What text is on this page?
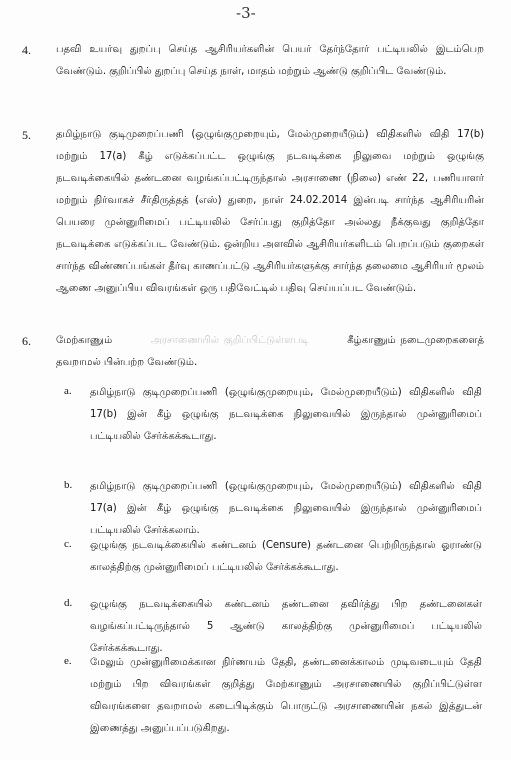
-3-
4. பதவி உயர்வு துறப்பு செய்த ஆசிரியர்களின் பெயர் தேர்ந்தோர் பட்டியலில் இடம்பெற வேண்டும். குறிப்பில் துறப்பு செய்த நாள், மாதம் மற்றும் ஆண்டு குறிப்பிட வேண்டும்.
5. தமிழ்நாடு குடிமுறைப்பணி (ஒழுங்குமுறையும், மேல்முறையீடும்) விதிகளில் விதி 17(b) மற்றும் 17(a) கீழ் எடுக்கப்பட்ட ஒழுங்கு நடவடிக்கை நிலுவை மற்றும் ஒழுங்கு நடவடிக்கையில் தண்டனை வழங்கப்பட்டிருந்தால் அரசாணை (நிலை) எண் 22, பணியாளர் மற்றும் நிர்வாகச் சீர்திருத்தத் (எஸ்) துறை, நாள் 24.02.2014 இன்படி சார்ந்த ஆசிரியரின் பெயரை முன்னுரிமைப் பட்டியலில் சேர்ப்பது குறித்தோ அல்லது நீக்குவது குறித்தோ நடவடிக்கை எடுக்கப்பட வேண்டும். ஒன்றிய அளவில் ஆசிரியர்களிடம் பெறப்படும் குறைகள் சார்ந்த விண்ணப்பங்கள் தீர்வு காணப்பட்டு ஆசிரியர்களுக்கு சார்ந்த தலைமை ஆசிரியர் மூலம் ஆணை அனுப்பிய விவரங்கள் ஒரு பதிவேட்டில் பதிவு செய்யப்பட வேண்டும்.
6. மேற்காணும்	அரசாணையில் குறிப்பிட்டுள்ளபடி	கீழ்காணும் நடைமுறைகளைத் தவறாமல் பின்பற்ற வேண்டும்.
a. தமிழ்நாடு குடிமுறைப்பணி (ஒழுங்குமுறையும், மேல்முறையீடும்) விதிகளில் விதி 17(b) இன் கீழ் ஒழுங்கு நடவடிக்கை நிலுவையில் இருந்தால் முன்னுரிமைப் பட்டியலில் சேர்க்கக்கூடாது.
b. தமிழ்நாடு குடிமுறைப்பணி (ஒழுங்குமுறையும், மேல்முறையீடும்) விதிகளில் விதி 17(a) இன் கீழ் ஒழுங்கு நடவடிக்கை நிலுவையில் இருந்தால் முன்னுரிமைப் பட்டியலில் சேர்க்கலாம்.
c. ஒழுங்கு நடவடிக்கையில் கண்டனம் (Censure) தண்டனை பெற்றிருந்தால் ஓராண்டு காலத்திற்கு முன்னுரிமைப் பட்டியலில் சேர்க்கக்கூடாது.
d. ஒழுங்கு நடவடிக்கையில் கண்டனம் தண்டனை தவிர்த்து பிற தண்டனைகள் வழங்கப்பட்டிருந்தால் 5 ஆண்டு காலத்திற்கு முன்னுரிமைப் பட்டியலில் சேர்க்கக்கூடாது.
e. மேலும் முன்னுரிமைக்கான நிர்ணயம் தேதி, தண்டனைக்காலம் முடிவடையும் தேதி மற்றும் பிற விவரங்கள் குறித்து மேற்காணும் அரசாணையில் குறிப்பிட்டுள்ள விவரங்களை தவறாமல் கடைபிடிக்கும் பொருட்டு அரசாணையின் நகல் இத்துடன் இணைத்து அனுப்பப்படுகிறது.
